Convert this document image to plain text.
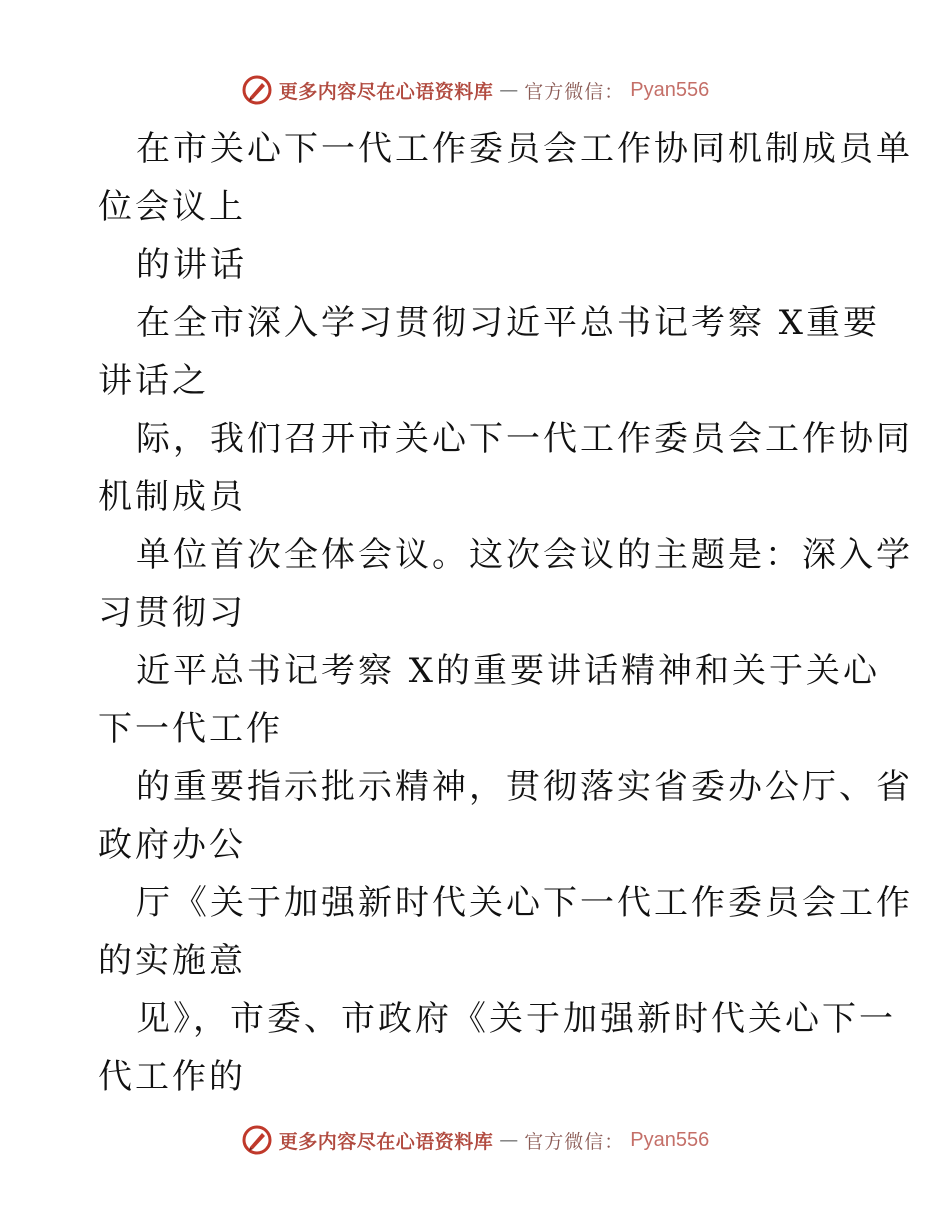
更多内容尽在心语资料库 — 官方微信： Pyan556
在市关心下一代工作委员会工作协同机制成员单
位会议上
的讲话
在全市深入学习贯彻习近平总书记考察 X重要
讲话之
际，我们召开市关心下一代工作委员会工作协同
机制成员
单位首次全体会议。这次会议的主题是：深入学
习贯彻习
近平总书记考察 X的重要讲话精神和关于关心
下一代工作
的重要指示批示精神，贯彻落实省委办公厅、省
政府办公
厅《关于加强新时代关心下一代工作委员会工作
的实施意
见》，市委、市政府《关于加强新时代关心下一
代工作的
更多内容尽在心语资料库 — 官方微信： Pyan556
